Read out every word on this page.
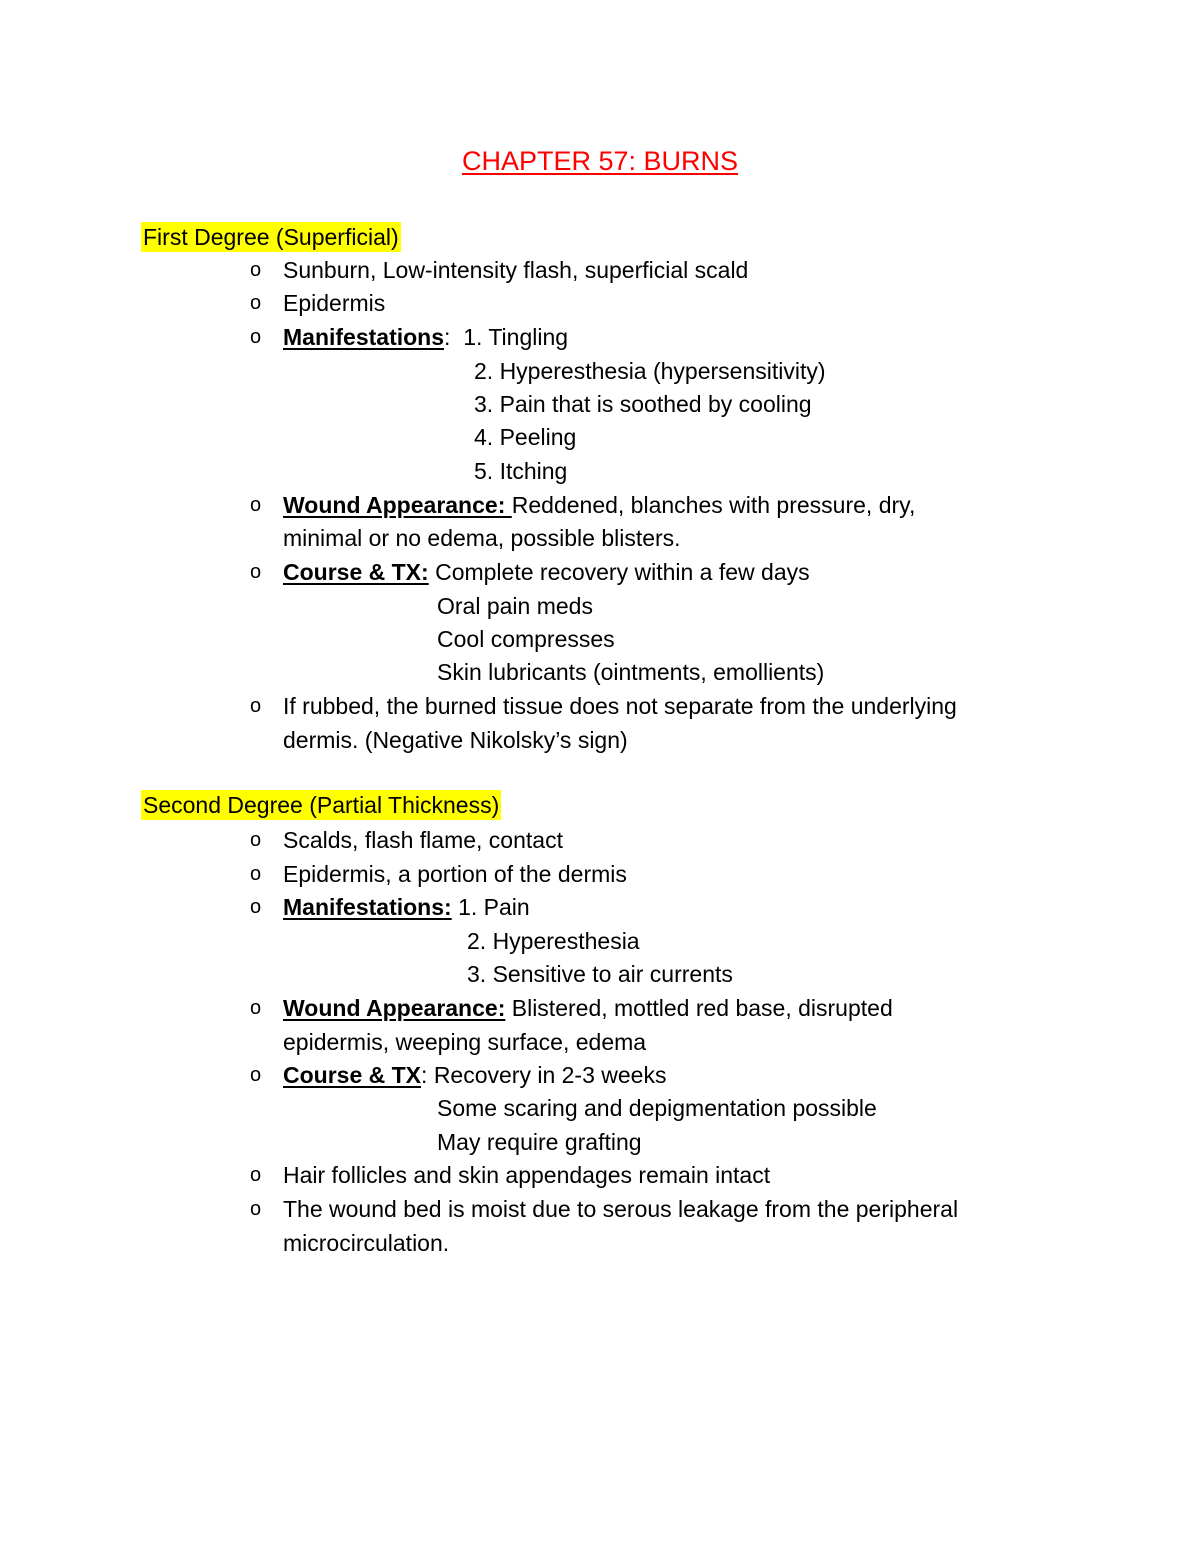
CHAPTER 57: BURNS
First Degree (Superficial)
o Sunburn, Low-intensity flash, superficial scald
o Epidermis
o Manifestations:  1. Tingling
2. Hyperesthesia (hypersensitivity)
3. Pain that is soothed by cooling
4. Peeling
5. Itching
o Wound Appearance: Reddened, blanches with pressure, dry,
minimal or no edema, possible blisters.
o Course & TX: Complete recovery within a few days
Oral pain meds
Cool compresses
Skin lubricants (ointments, emollients)
o If rubbed, the burned tissue does not separate from the underlying
dermis. (Negative Nikolsky’s sign)
Second Degree (Partial Thickness)
o Scalds, flash flame, contact
o Epidermis, a portion of the dermis
o Manifestations: 1. Pain
2. Hyperesthesia
3. Sensitive to air currents
o Wound Appearance: Blistered, mottled red base, disrupted
epidermis, weeping surface, edema
o Course & TX: Recovery in 2-3 weeks
Some scaring and depigmentation possible
May require grafting
o Hair follicles and skin appendages remain intact
o The wound bed is moist due to serous leakage from the peripheral
microcirculation.
